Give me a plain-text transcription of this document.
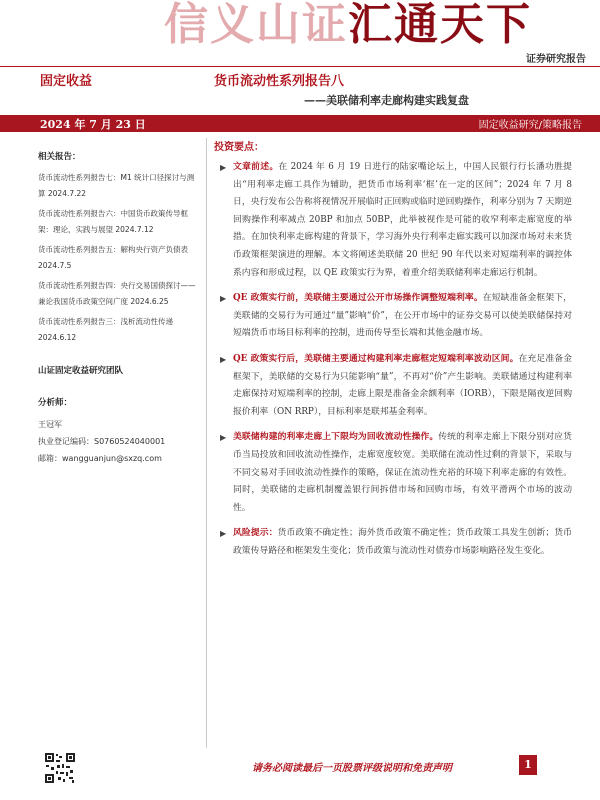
信义山证汇通天下
证券研究报告
固定收益	货币流动性系列报告八
——美联储利率走廊构建实践复盘
2024 年 7 月 23 日	固定收益研究/策略报告
相关报告：
货币流动性系列报告七：M1 统计口径探讨与测算 2024.7.22
货币流动性系列报告六：中国货币政策传导框架：理论，实践与展望 2024.7.12
货币流动性系列报告五：解构央行资产负债表 2024.7.5
货币流动性系列报告四：央行交易国债探讨——兼论我国货币政策空间广度 2024.6.25
货币流动性系列报告三：浅析流动性传递 2024.6.12
山证固定收益研究团队
分析师：
王冠军
执业登记编码：S0760524040001
邮箱：wangguanjun@sxzq.com
投资要点：
▶ 文章前述。在 2024 年 6 月 19 日进行的陆家嘴论坛上，中国人民银行行长潘功胜提出“用利率走廊工具作为辅助，把货币市场利率‘框’在一定的区间”；2024 年 7 月 8 日，央行发布公告称将视情况开展临时正回购或临时逆回购操作，利率分别为 7 天期逆回购操作利率减点 20BP 和加点 50BP，此举被视作是可能的收窄利率走廊宽度的举措。在加快利率走廊构建的背景下，学习海外央行利率走廊实践可以加深市场对未来货币政策框架演进的理解。本文将阐述美联储 20 世纪 90 年代以来对短端利率的调控体系内容和形成过程，以 QE 政策实行为界，着重介绍美联储利率走廊运行机制。
▶ QE 政策实行前，美联储主要通过公开市场操作调整短端利率。在短缺准备金框架下，美联储的交易行为可通过“量”影响“价”，在公开市场中的证券交易可以使美联储保持对短端货币市场目标利率的控制，进而传导至长端和其他金融市场。
▶ QE 政策实行后，美联储主要通过构建利率走廊框定短端利率波动区间。在充足准备金框架下，美联储的交易行为只能影响“量”，不再对“价”产生影响。美联储通过构建利率走廊保持对短端利率的控制，走廊上限是准备金余额利率（IORB），下限是隔夜逆回购报价利率（ON RRP），目标利率是联邦基金利率。
▶ 美联储构建的利率走廊上下限均为回收流动性操作。传统的利率走廊上下限分别对应货币当局投放和回收流动性操作，走廊宽度较宽。美联储在流动性过剩的背景下，采取与不同交易对手回收流动性操作的策略，保证在流动性充裕的环境下利率走廊的有效性。同时，美联储的走廊机制覆盖银行间拆借市场和回购市场，有效平滑两个市场的波动性。
▶ 风险提示：货币政策不确定性；海外货币政策不确定性；货币政策工具发生创新；货币政策传导路径和框架发生变化；货币政策与流动性对债券市场影响路径发生变化。
请务必阅读最后一页股票评级说明和免责声明	1
